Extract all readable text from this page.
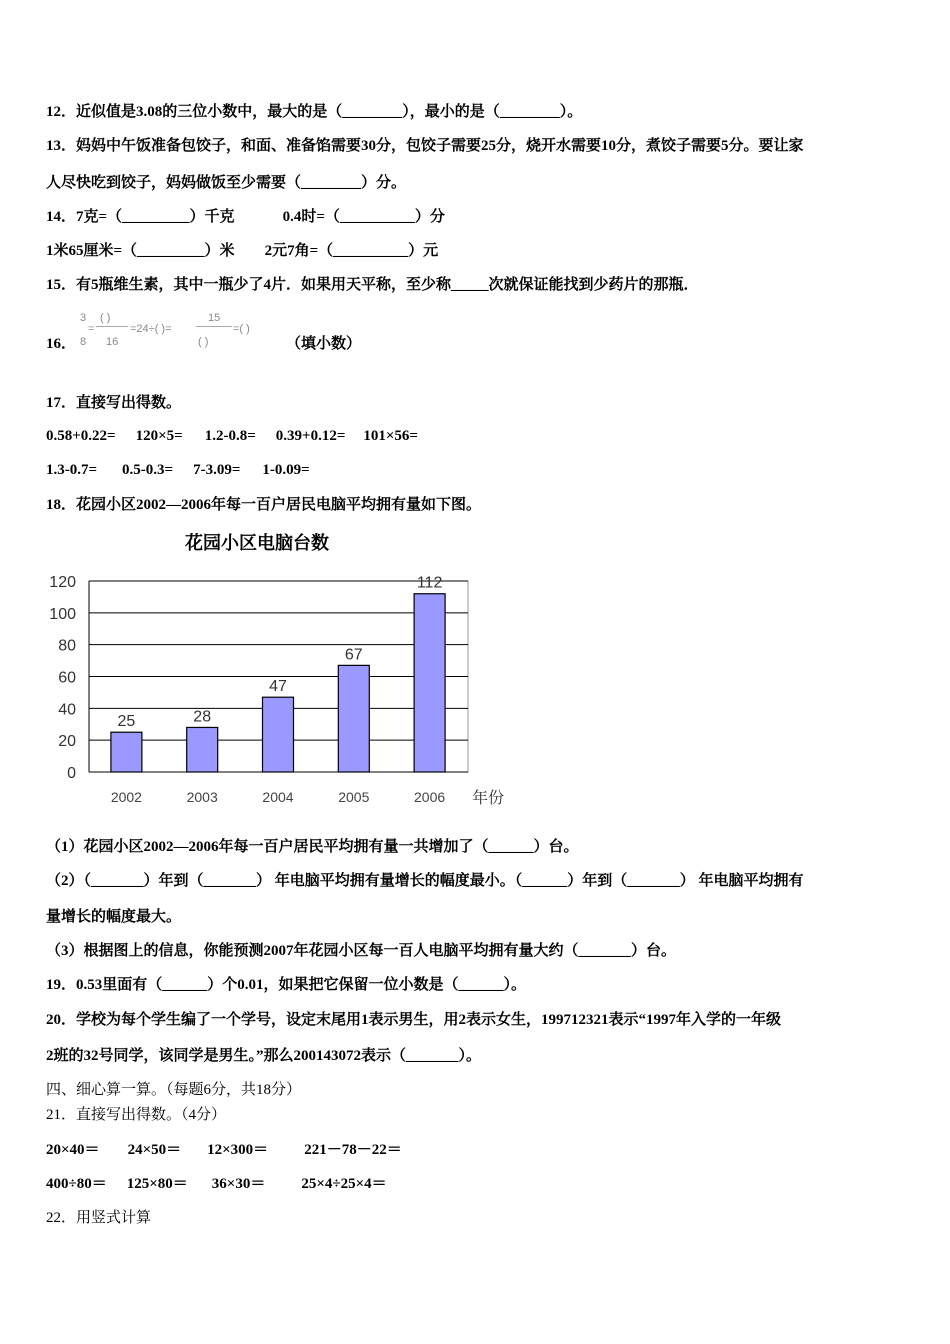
12．近似值是3.08的三位小数中，最大的是（________），最小的是（________）。
13．妈妈中午饭准备包饺子，和面、准备馅需要30分，包饺子需要25分，烧开水需要10分，煮饺子需要5分。要让家
人尽快吃到饺子，妈妈做饭至少需要（________）分。
14．7克=（_________）千克	0.4时=（__________）分
1米65厘米=（_________）米 2元7角=（__________）元
15．有5瓶维生素，其中一瓶少了4片．如果用天平称，至少称_____次就保证能找到少药片的那瓶．
16．
3
8
=
( )
16
=24÷( )=
15
( )
=( )
（填小数）
17．直接写出得数。
0.58+0.22= 120×5= 1.2-0.8= 0.39+0.12= 101×56=
1.3-0.7= 0.5-0.3= 7-3.09= 1-0.09=
18．花园小区2002—2006年每一百户居民电脑平均拥有量如下图。
花园小区电脑台数
0
20
40
60
80
100
120
25
2002
28
2003
47
2004
67
2005
112
2006 年份
（1）花园小区2002—2006年每一百户居民平均拥有量一共增加了（______）台。
（2）（_______）年到（_______） 年电脑平均拥有量增长的幅度最小。（______）年到（_______） 年电脑平均拥有
量增长的幅度最大。
（3）根据图上的信息，你能预测2007年花园小区每一百人电脑平均拥有量大约（_______）台。
19．0.53里面有（______）个0.01，如果把它保留一位小数是（______）。
20．学校为每个学生编了一个学号，设定末尾用1表示男生，用2表示女生，199712321表示“1997年入学的一年级
2班的32号同学，该同学是男生。”那么200143072表示（_______）。
四、细心算一算。（每题6分，共18分）
21．直接写出得数。（4分）
20×40＝ 24×50＝ 12×300＝ 221－78－22＝
400÷80＝ 125×80＝ 36×30＝ 25×4÷25×4＝
22．用竖式计算
